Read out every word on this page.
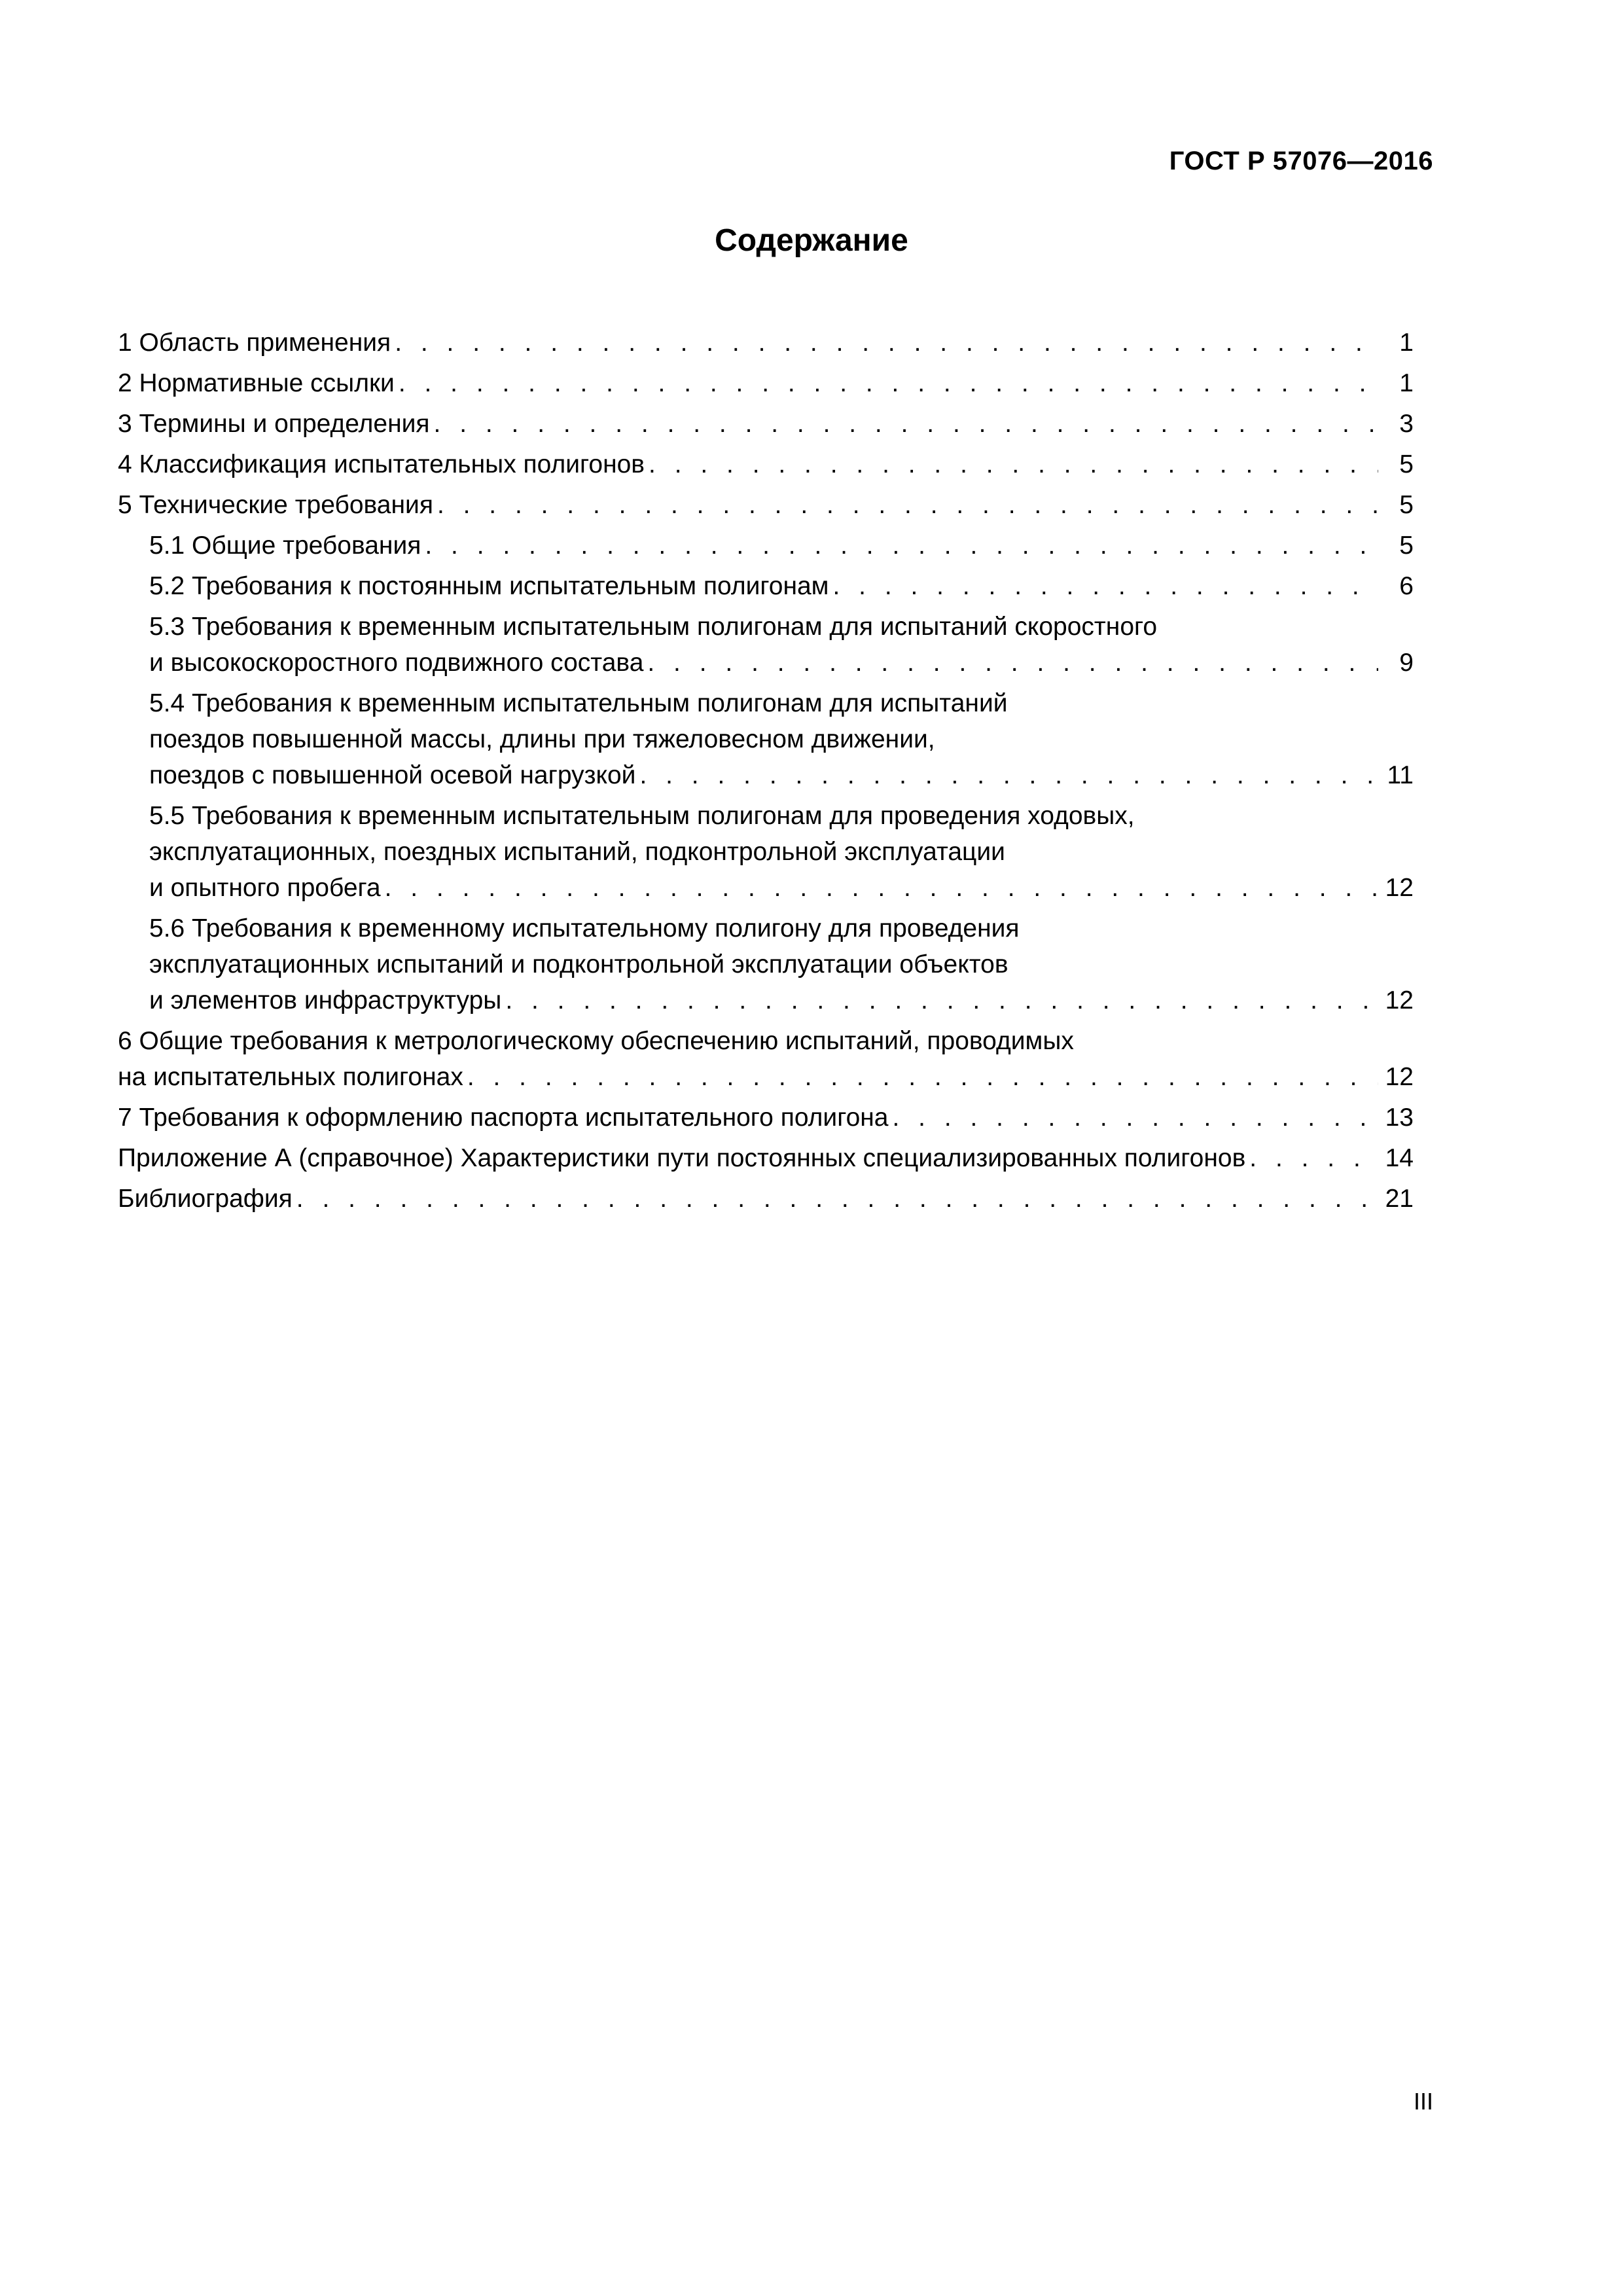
ГОСТ Р 57076—2016
Содержание
1 Область применения . . .	1
2 Нормативные ссылки . . .	1
3 Термины и определения . . .	3
4 Классификация испытательных полигонов . . .	5
5 Технические требования . . .	5
5.1 Общие требования . . .	5
5.2 Требования к постоянным испытательным полигонам . . .	6
5.3 Требования к временным испытательным полигонам для испытаний скоростного
и высокоскоростного подвижного состава . . .	9
5.4 Требования к временным испытательным полигонам для испытаний
поездов повышенной массы, длины при тяжеловесном движении,
поездов с повышенной осевой нагрузкой . . .	11
5.5 Требования к временным испытательным полигонам для проведения ходовых,
эксплуатационных, поездных испытаний, подконтрольной эксплуатации
и опытного пробега . . .	12
5.6 Требования к временному испытательному полигону для проведения
эксплуатационных испытаний и подконтрольной эксплуатации объектов
и элементов инфраструктуры . . .	12
6 Общие требования к метрологическому обеспечению испытаний, проводимых
на испытательных полигонах . . .	12
7 Требования к оформлению паспорта испытательного полигона . . .	13
Приложение А (справочное) Характеристики пути постоянных специализированных полигонов . . .	14
Библиография . . .	21
III
